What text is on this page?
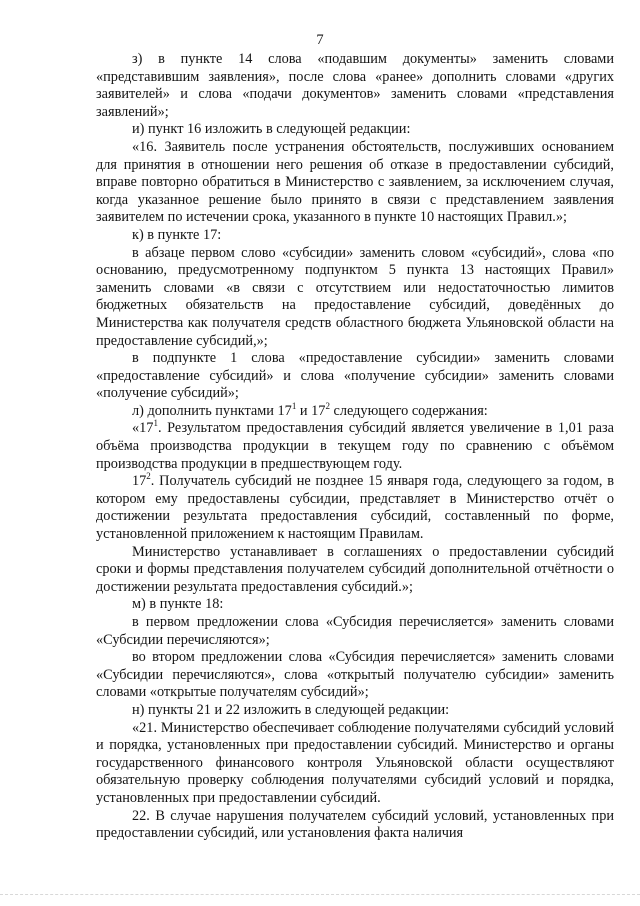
7

з) в пункте 14 слова «подавшим документы» заменить словами «представившим заявления», после слова «ранее» дополнить словами «других заявителей» и слова «подачи документов» заменить словами «представления заявлений»;

и) пункт 16 изложить в следующей редакции:

«16. Заявитель после устранения обстоятельств, послуживших основанием для принятия в отношении него решения об отказе в предоставлении субсидий, вправе повторно обратиться в Министерство с заявлением, за исключением случая, когда указанное решение было принято в связи с представлением заявления заявителем по истечении срока, указанного в пункте 10 настоящих Правил.»;

к) в пункте 17:

в абзаце первом слово «субсидии» заменить словом «субсидий», слова «по основанию, предусмотренному подпунктом 5 пункта 13 настоящих Правил» заменить словами «в связи с отсутствием или недостаточностью лимитов бюджетных обязательств на предоставление субсидий, доведённых до Министерства как получателя средств областного бюджета Ульяновской области на предоставление субсидий,»;

в подпункте 1 слова «предоставление субсидии» заменить словами «предоставление субсидий» и слова «получение субсидии» заменить словами «получение субсидий»;

л) дополнить пунктами $17^1$ и $17^2$ следующего содержания:

«$17^1$. Результатом предоставления субсидий является увеличение в 1,01 раза объёма производства продукции в текущем году по сравнению с объёмом производства продукции в предшествующем году.

$17^2$. Получатель субсидий не позднее 15 января года, следующего за годом, в котором ему предоставлены субсидии, представляет в Министерство отчёт о достижении результата предоставления субсидий, составленный по форме, установленной приложением к настоящим Правилам.

Министерство устанавливает в соглашениях о предоставлении субсидий сроки и формы представления получателем субсидий дополнительной отчётности о достижении результата предоставления субсидий.»;

м) в пункте 18:

в первом предложении слова «Субсидия перечисляется» заменить словами «Субсидии перечисляются»;

во втором предложении слова «Субсидия перечисляется» заменить словами «Субсидии перечисляются», слова «открытый получателю субсидии» заменить словами «открытые получателям субсидий»;

н) пункты 21 и 22 изложить в следующей редакции:

«21. Министерство обеспечивает соблюдение получателями субсидий условий и порядка, установленных при предоставлении субсидий. Министерство и органы государственного финансового контроля Ульяновской области осуществляют обязательную проверку соблюдения получателями субсидий условий и порядка, установленных при предоставлении субсидий.

22. В случае нарушения получателем субсидий условий, установленных при предоставлении субсидий, или установления факта наличия
